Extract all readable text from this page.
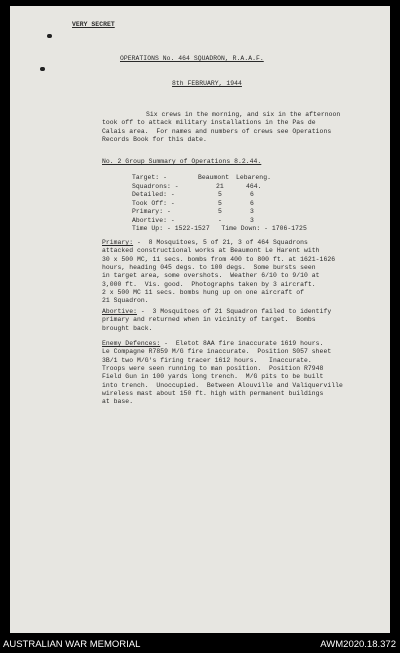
VERY SECRET
OPERATIONS No. 464 SQUADRON, R.A.A.F.
8th FEBRUARY, 1944
Six crews in the morning, and six in the afternoon
took off to attack military installations in the Pas de
Calais area.  For names and numbers of crews see Operations
Records Book for this date.
No. 2 Group Summary of Operations 8.2.44.
Target: -	Beaumont Lebareng.
Squadrons: -	21	464.
Detailed: -	5	6
Took Off: -	5	6
Primary: -	5	3
Abortive: -	-	3
Time Up: - 1522-1527   Time Down: - 1706-1725
Primary: -  8 Mosquitoes, 5 of 21, 3 of 464 Squadrons
attacked constructional works at Beaumont Le Harent with
30 x 500 MC, 11 secs. bombs from 400 to 800 ft. at 1621-1626
hours, heading 045 degs. to 100 degs.  Some bursts seen
in target area, some overshots.  Weather 6/10 to 9/10 at
3,000 ft.  Vis. good.  Photographs taken by 3 aircraft.
2 x 500 MC 11 secs. bombs hung up on one aircraft of
21 Squadron.
Abortive: -  3 Mosquitoes of 21 Squadron failed to identify
primary and returned when in vicinity of target.  Bombs
brought back.
Enemy Defences: -  Eletot 8AA fire inaccurate 1619 hours.
Le Compagne R7859 M/G fire inaccurate.  Position S057 sheet
3B/1 two M/G's firing tracer 1612 hours.   Inaccurate.
Troops were seen running to man position.  Position R7948
Field Gun in 100 yards long trench.  M/G pits to be built
into trench.  Unoccupied.  Between Alouville and Valiquerville
wireless mast about 150 ft. high with permanent buildings
at base.
AUSTRALIAN WAR MEMORIAL	AWM2020.18.372
